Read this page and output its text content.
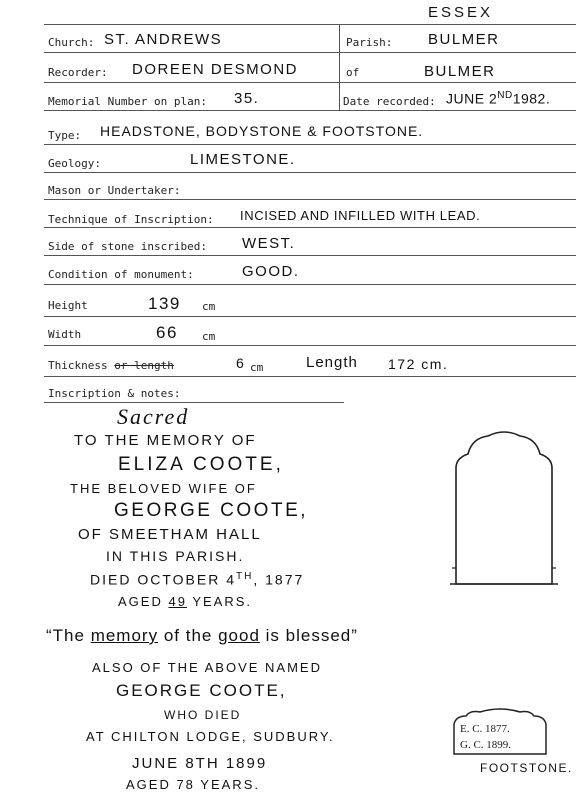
ESSEX
Church: ST. ANDREWS	Parish: BULMER
Recorder: DOREEN DESMOND	of	BULMER
Memorial Number on plan: 35.	Date recorded: JUNE 2ND1982.
Type: HEADSTONE, BODYSTONE & FOOTSTONE.
Geology:	LIMESTONE.
Mason or Undertaker:
Technique of Inscription: INCISED AND INFILLED WITH LEAD.
Side of stone inscribed: WEST.
Condition of monument:	GOOD.
Height	139 cm
Width	66 cm
Thickness or length	6 cm	Length 172 cm.
Inscription & notes:
Sacred
TO THE MEMORY OF
ELIZA COOTE,
THE BELOVED WIFE OF
GEORGE COOTE,
OF SMEETHAM HALL
IN THIS PARISH.
DIED OCTOBER 4TH, 1877
AGED 49 YEARS.
“The memory of the good is blessed”
ALSO OF THE ABOVE NAMED
GEORGE COOTE,
WHO DIED
AT CHILTON LODGE, SUDBURY.
JUNE 8TH 1899
AGED 78 YEARS.
E. C. 1877.
G. C. 1899.
FOOTSTONE.
